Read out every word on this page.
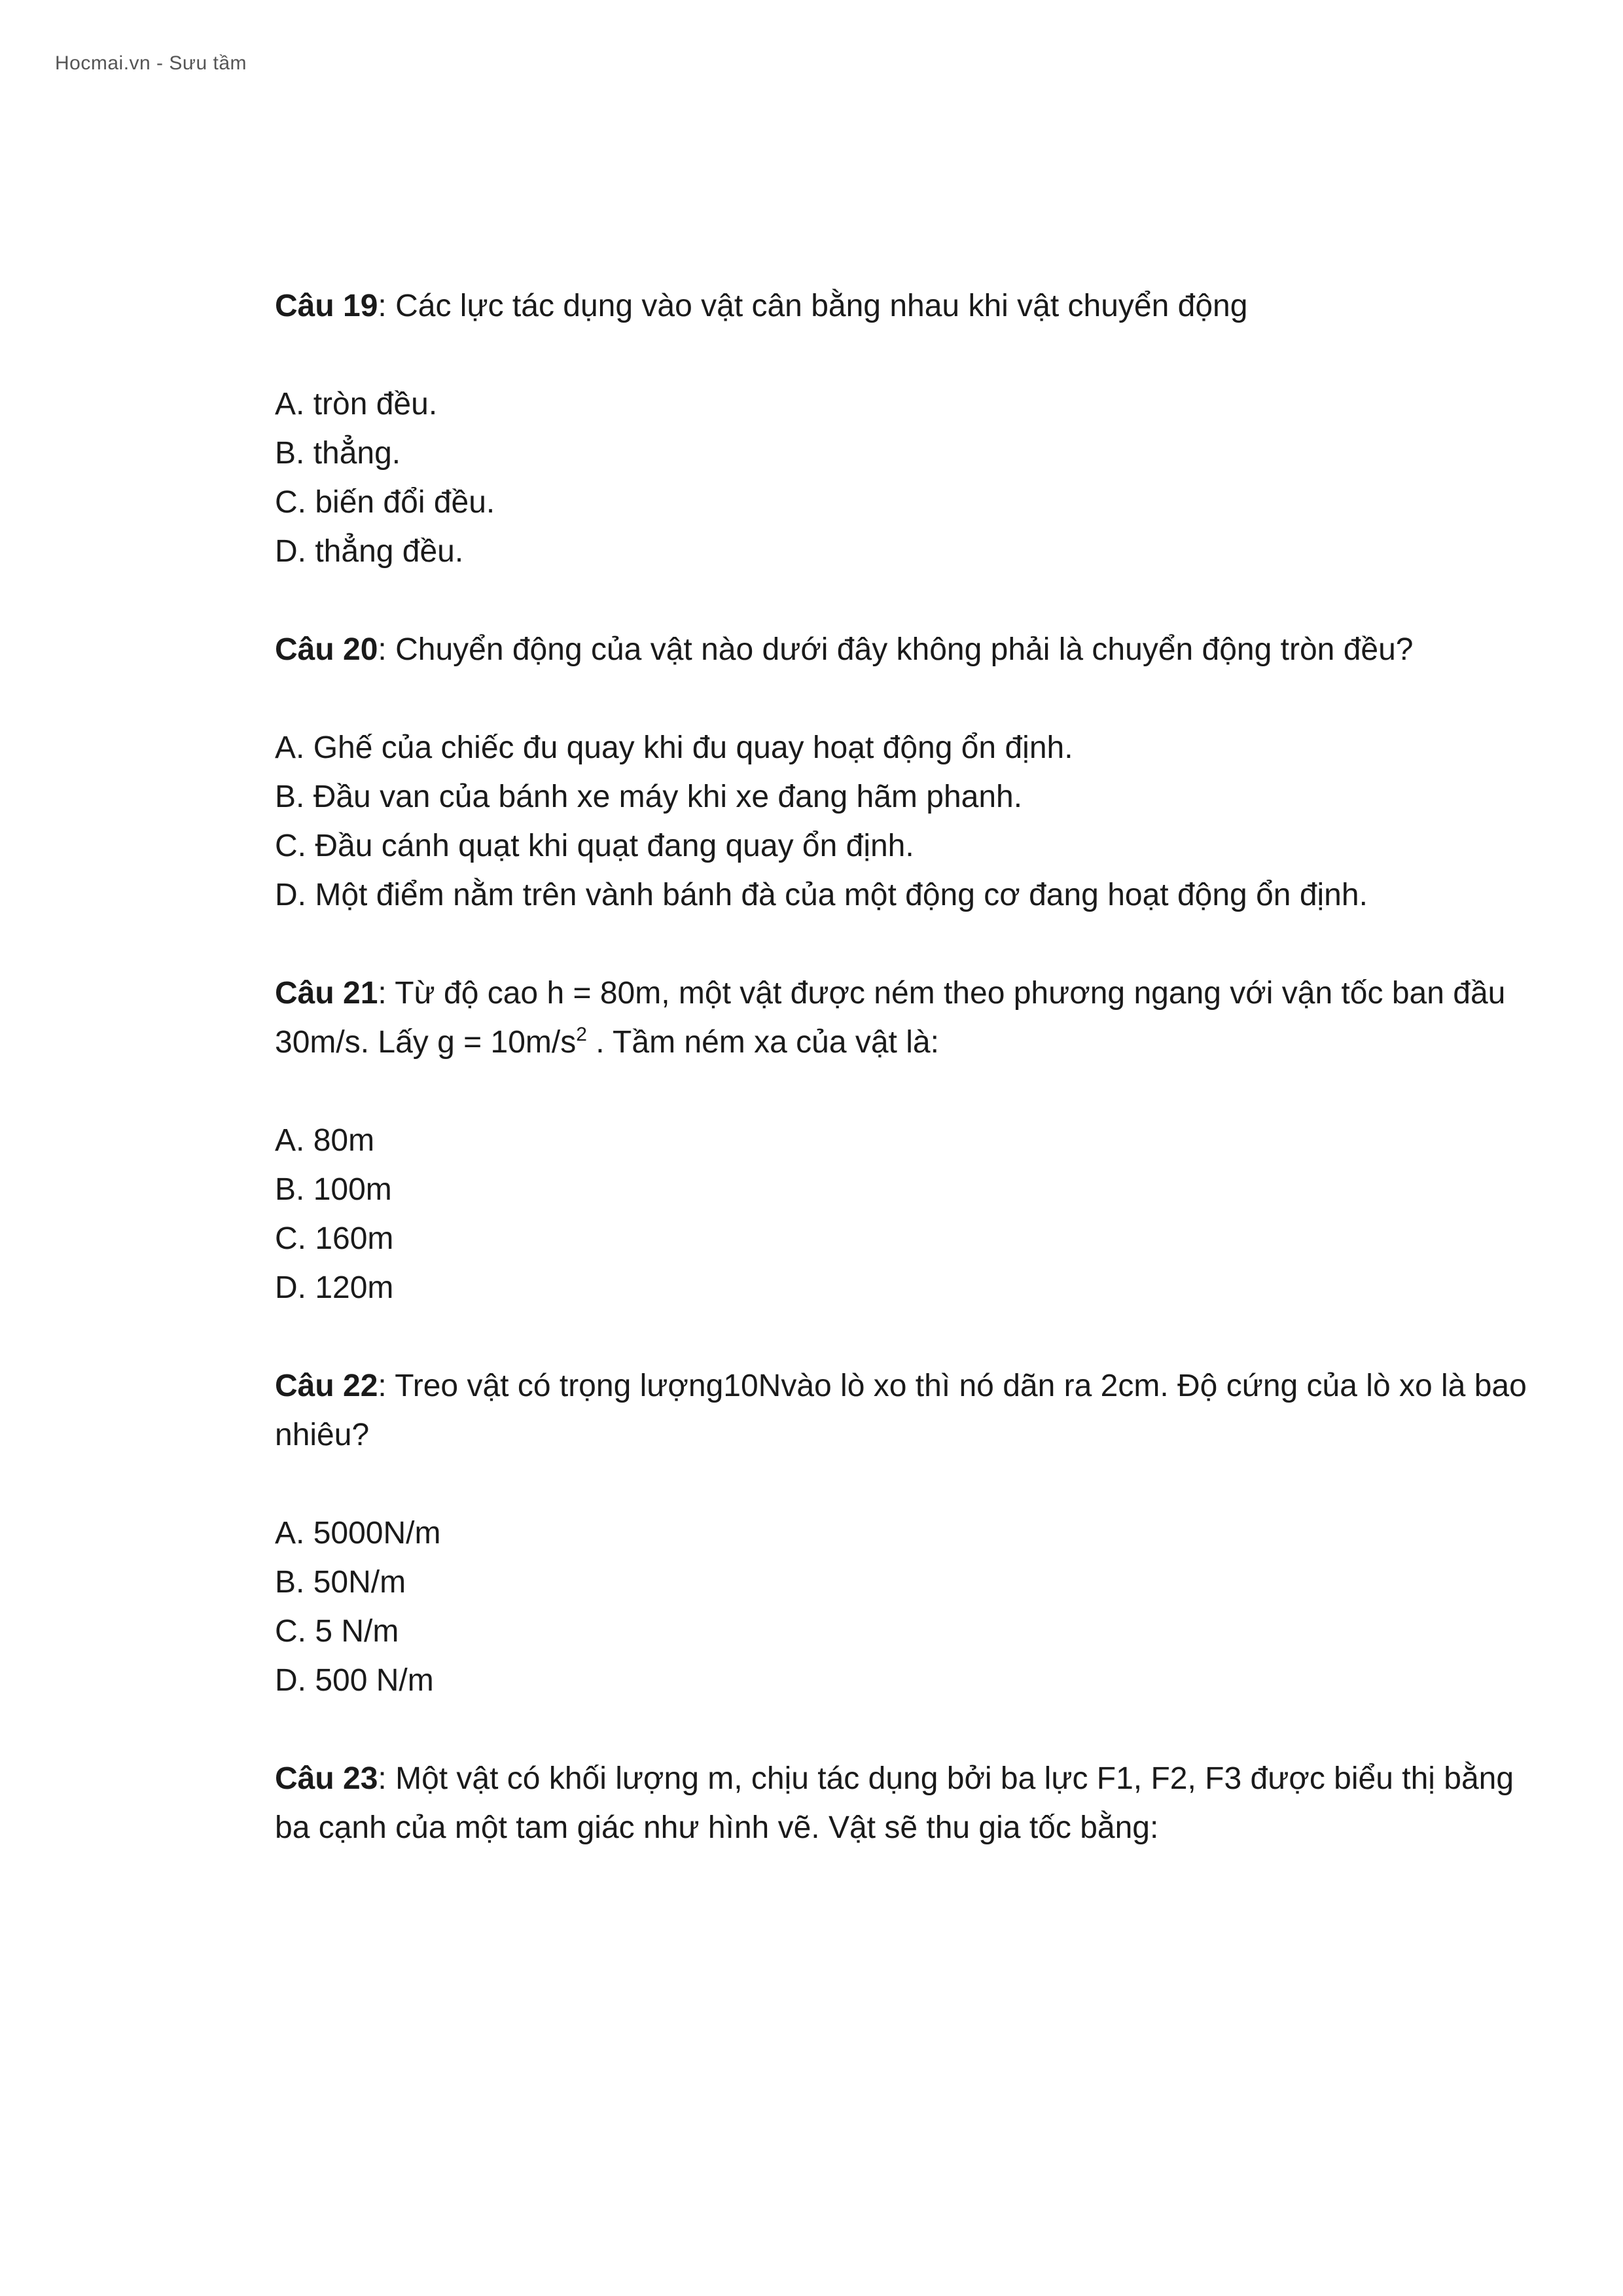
Hocmai.vn - Sưu tầm

Câu 19: Các lực tác dụng vào vật cân bằng nhau khi vật chuyển động

A. tròn đều.
B. thẳng.
C. biến đổi đều.
D. thẳng đều.

Câu 20: Chuyển động của vật nào dưới đây không phải là chuyển động tròn đều?

A. Ghế của chiếc đu quay khi đu quay hoạt động ổn định.
B. Đầu van của bánh xe máy khi xe đang hãm phanh.
C. Đầu cánh quạt khi quạt đang quay ổn định.
D. Một điểm nằm trên vành bánh đà của một động cơ đang hoạt động ổn định.

Câu 21: Từ độ cao h = 80m, một vật được ném theo phương ngang với vận tốc ban đầu 30m/s. Lấy $g = 10m/s^2$ . Tầm ném xa của vật là:

A. 80m
B. 100m
C. 160m
D. 120m

Câu 22: Treo vật có trọng lượng10Nvào lò xo thì nó dãn ra 2cm. Độ cứng của lò xo là bao nhiêu?

A. 5000N/m
B. 50N/m
C. 5 N/m
D. 500 N/m

Câu 23: Một vật có khối lượng m, chịu tác dụng bởi ba lực F1, F2, F3 được biểu thị bằng ba cạnh của một tam giác như hình vẽ. Vật sẽ thu gia tốc bằng:
